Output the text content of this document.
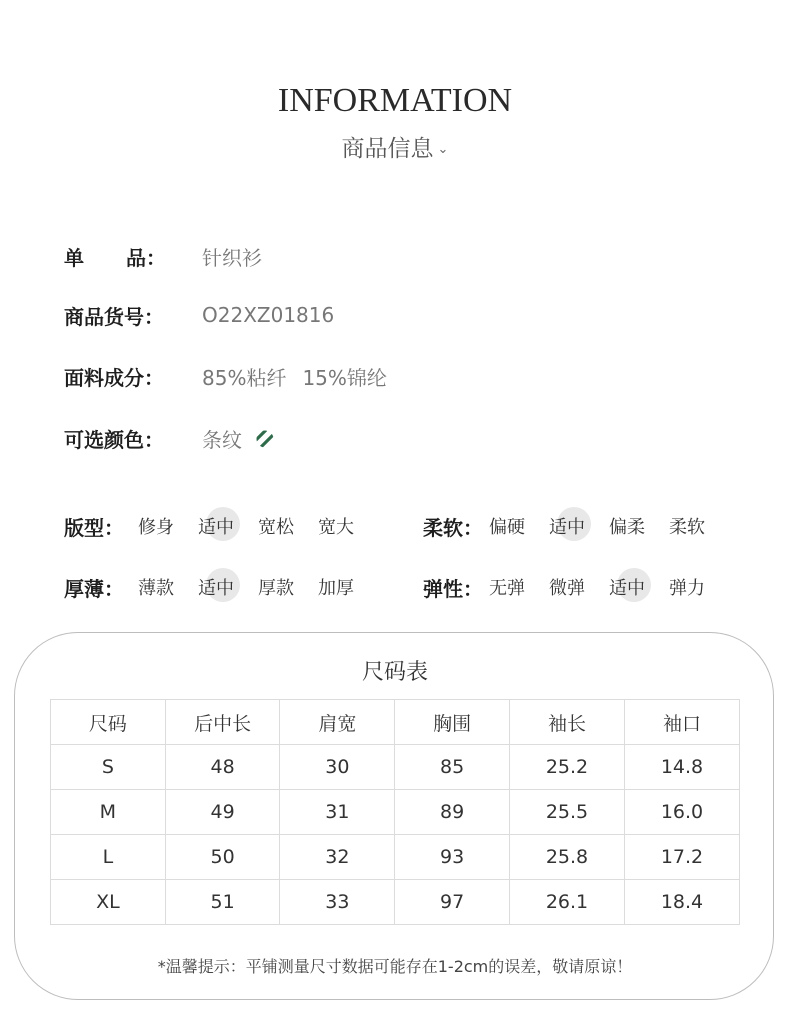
INFORMATION
商品信息 ⌄
单 品： 针织衫
商品货号：	O22XZ01816
面料成分：	85%粘纤 15%锦纶
可选颜色：	条纹
版型： 修身	适中	宽松	宽大	柔软： 偏硬	适中	偏柔	柔软
厚薄： 薄款	适中	厚款	加厚	弹性： 无弹	微弹	适中	弹力
尺码表
尺码	后中长	肩宽	胸围	袖长	袖口
S	48	30	85	25.2	14.8
M	49	31	89	25.5	16.0
L	50	32	93	25.8	17.2
XL	51	33	97	26.1	18.4
*温馨提示：平铺测量尺寸数据可能存在1-2cm的误差，敬请原谅！
